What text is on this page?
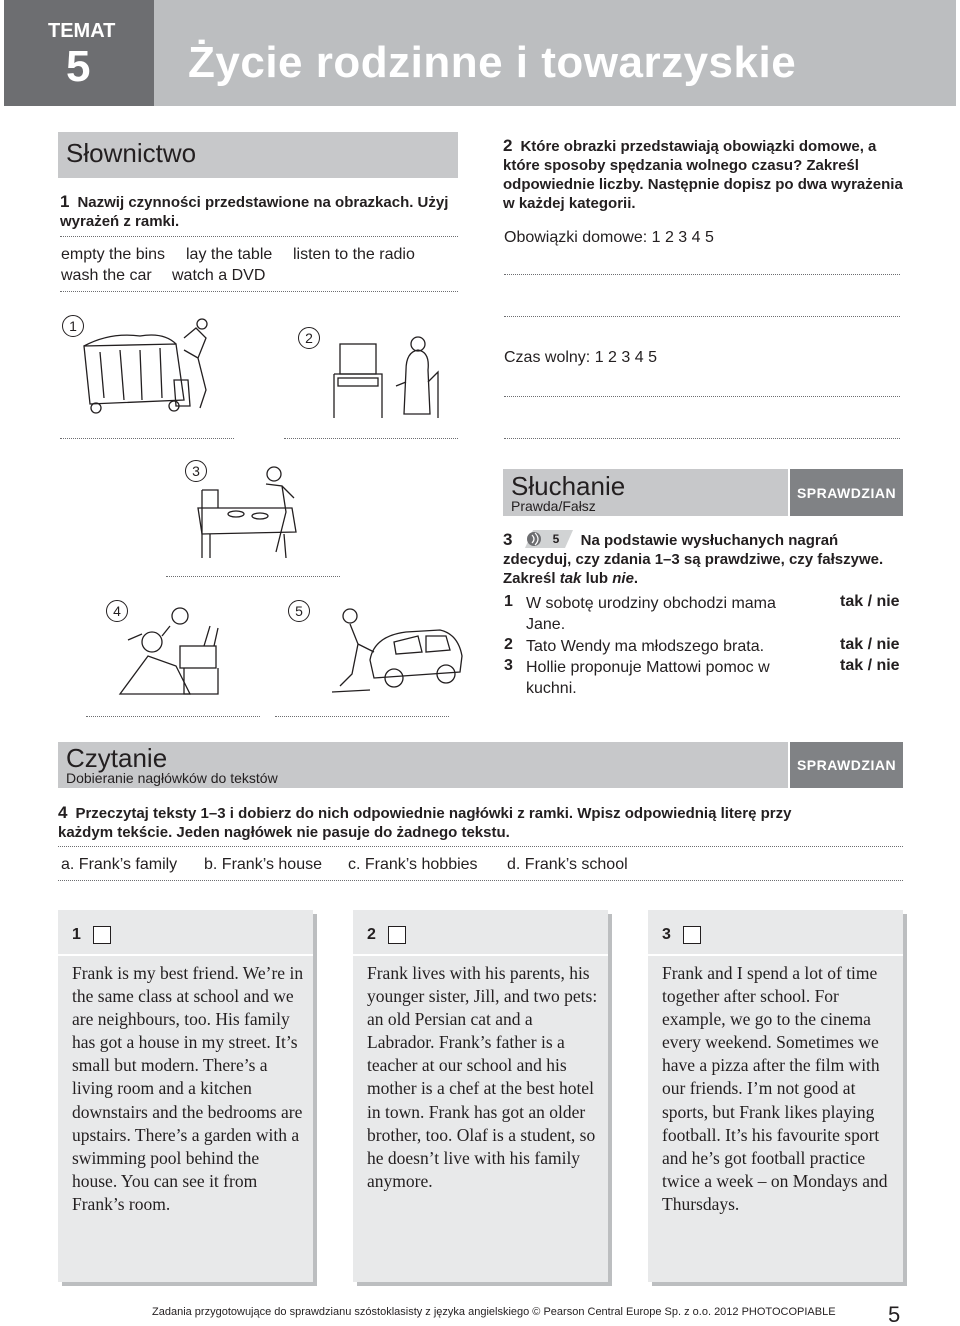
TEMAT
5 Życie rodzinne i towarzyskie
Słownictwo
1 Nazwij czynności przedstawione na obrazkach. Użyj wyrażeń z ramki.
empty the bins lay the table listen to the radio
wash the car watch a DVD
1
2
3
4	5
2 Które obrazki przedstawiają obowiązki domowe, a które sposoby spędzania wolnego czasu? Zakreśl odpowiednie liczby. Następnie dopisz po dwa wyrażenia w każdej kategorii.
Obowiązki domowe: 1 2 3 4 5
Czas wolny: 1 2 3 4 5
Słuchanie
Prawda/Fałsz
SPRAWDZIAN
3	5 Na podstawie wysłuchanych nagrań zdecyduj, czy zdania 1–3 są prawdziwe, czy fałszywe. Zakreśl tak lub nie.
1 W sobotę urodziny obchodzi mama Jane.
tak / nie
2 Tato Wendy ma młodszego brata.	tak / nie
3 Hollie proponuje Mattowi pomoc w kuchni.
tak / nie
Czytanie
Dobieranie nagłówków do tekstów
SPRAWDZIAN
4 Przeczytaj teksty 1–3 i dobierz do nich odpowiednie nagłówki z ramki. Wpisz odpowiednią literę przy każdym tekście. Jeden nagłówek nie pasuje do żadnego tekstu.
a. Frank’s family b. Frank’s house c. Frank’s hobbies d. Frank’s school
1
Frank is my best friend. We’re in the same class at school and we are neighbours, too. His family has got a house in my street. It’s small but modern. There’s a living room and a kitchen downstairs and the bedrooms are upstairs. There’s a garden with a swimming pool behind the house. You can see it from Frank’s room.
2
Frank lives with his parents, his younger sister, Jill, and two pets: an old Persian cat and a Labrador. Frank’s father is a teacher at our school and his mother is a chef at the best hotel in town. Frank has got an older brother, too. Olaf is a student, so he doesn’t live with his family anymore.
3
Frank and I spend a lot of time together after school. For example, we go to the cinema every weekend. Sometimes we have a pizza after the film with our friends. I’m not good at sports, but Frank likes playing football. It’s his favourite sport and he’s got football practice twice a week – on Mondays and Thursdays.
Zadania przygotowujące do sprawdzianu szóstoklasisty z języka angielskiego © Pearson Central Europe Sp. z o.o. 2012 PHOTOCOPIABLE 5
